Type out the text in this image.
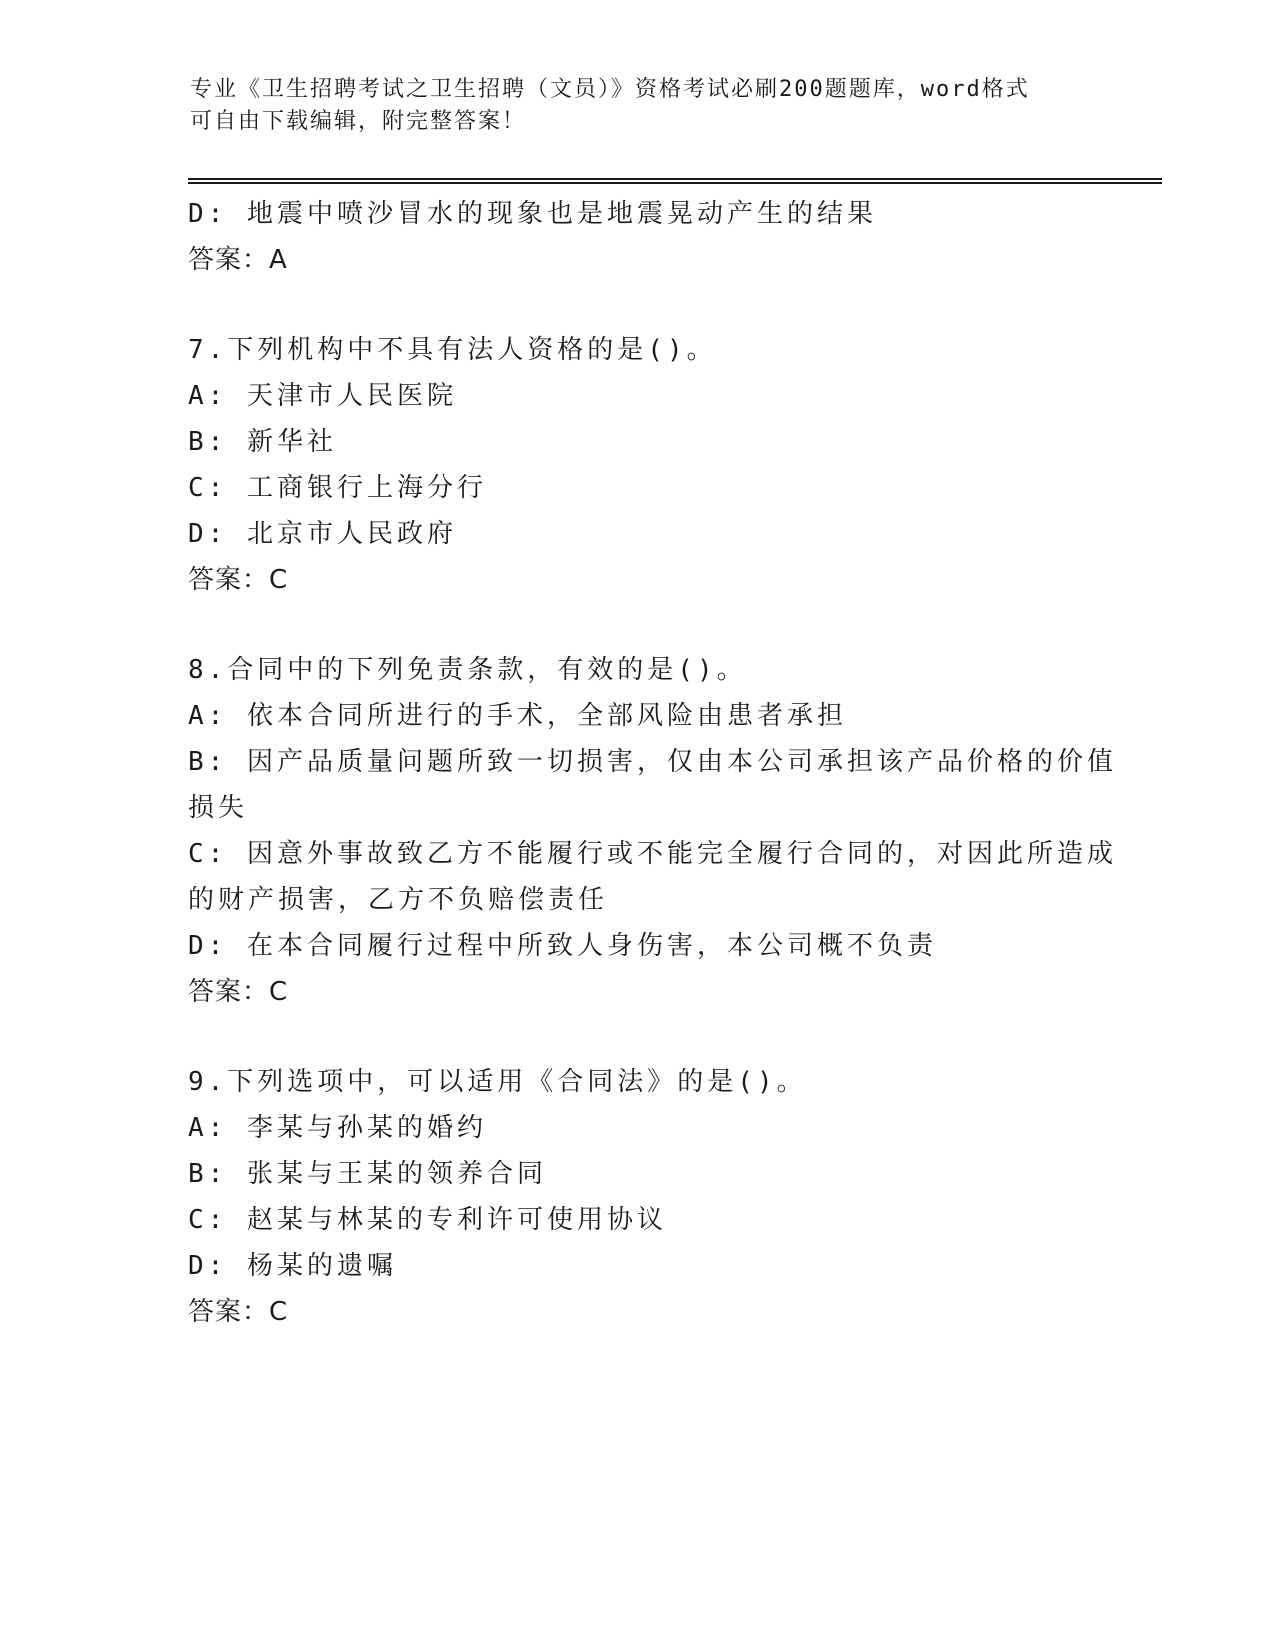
专业《卫生招聘考试之卫生招聘（文员）》资格考试必刷200题题库，word格式
可自由下载编辑，附完整答案！
D: 地震中喷沙冒水的现象也是地震晃动产生的结果
答案：A
7.下列机构中不具有法人资格的是()。
A: 天津市人民医院
B: 新华社
C: 工商银行上海分行
D: 北京市人民政府
答案：C
8.合同中的下列免责条款，有效的是()。
A: 依本合同所进行的手术，全部风险由患者承担
B: 因产品质量问题所致一切损害，仅由本公司承担该产品价格的价值
损失
C: 因意外事故致乙方不能履行或不能完全履行合同的，对因此所造成
的财产损害，乙方不负赔偿责任
D: 在本合同履行过程中所致人身伤害，本公司概不负责
答案：C
9.下列选项中，可以适用《合同法》的是()。
A: 李某与孙某的婚约
B: 张某与王某的领养合同
C: 赵某与林某的专利许可使用协议
D: 杨某的遗嘱
答案：C
